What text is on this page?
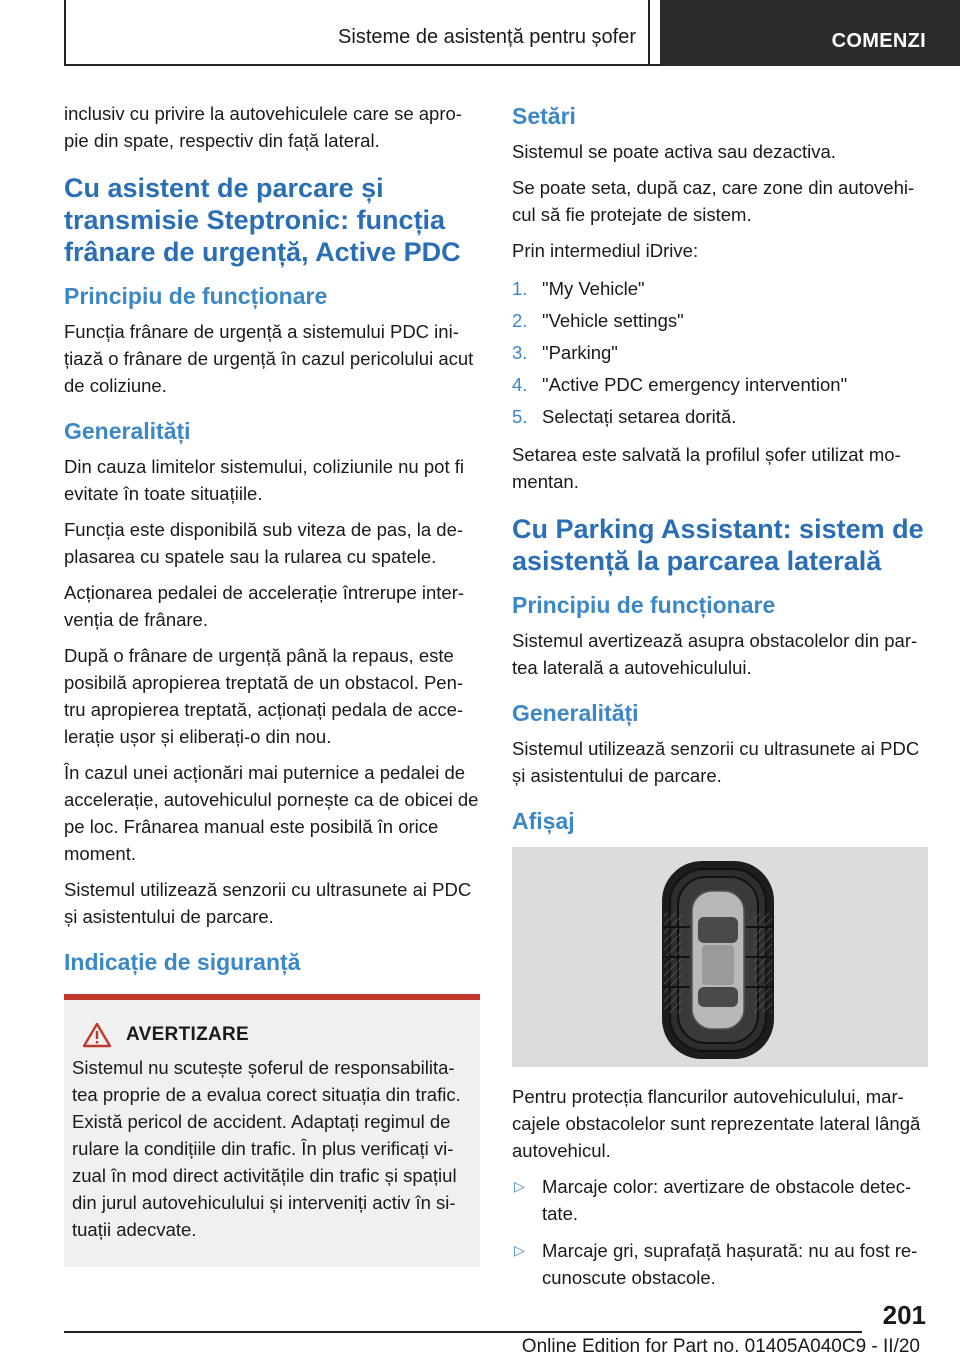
Sisteme de asistență pentru șofer	COMENZI

inclusiv cu privire la autovehiculele care se apro-pie din spate, respectiv din față lateral.

Cu asistent de parcare și transmisie Steptronic: funcția frânare de urgență, Active PDC
Principiu de funcționare

Funcția frânare de urgență a sistemului PDC ini-țiază o frânare de urgență în cazul pericolului acut de coliziune.

Generalități

Din cauza limitelor sistemului, coliziunile nu pot fi evitate în toate situațiile.

Funcția este disponibilă sub viteza de pas, la de-plasarea cu spatele sau la rularea cu spatele.

Acționarea pedalei de accelerație întrerupe inter-venția de frânare.

După o frânare de urgență până la repaus, este posibilă apropierea treptată de un obstacol. Pen-tru apropierea treptată, acționați pedala de acce-lerație ușor și eliberați-o din nou.

În cazul unei acționări mai puternice a pedalei de accelerație, autovehiculul pornește ca de obicei de pe loc. Frânarea manual este posibilă în orice moment.

Sistemul utilizează senzorii cu ultrasunete ai PDC și asistentului de parcare.

Indicație de siguranță
AVERTIZARE

Sistemul nu scutește șoferul de responsabilita-tea proprie de a evalua corect situația din trafic. Există pericol de accident. Adaptați regimul de rulare la condițiile din trafic. În plus verificați vi-zual în mod direct activitățile din trafic și spațiul din jurul autovehiculului și interveniți activ în si-tuații adecvate.

Setări

Sistemul se poate activa sau dezactiva.

Se poate seta, după caz, care zone din autovehi-cul să fie protejate de sistem.

Prin intermediul iDrive:

1. "My Vehicle"
2. "Vehicle settings"
3. "Parking"
4. "Active PDC emergency intervention"
5. Selectați setarea dorită.

Setarea este salvată la profilul șofer utilizat mo-mentan.

Cu Parking Assistant: sistem de asistență la parcarea laterală
Principiu de funcționare

Sistemul avertizează asupra obstacolelor din par-tea laterală a autovehiculului.

Generalități

Sistemul utilizează senzorii cu ultrasunete ai PDC și asistentului de parcare.

Afișaj

Pentru protecția flancurilor autovehiculului, mar-cajele obstacolelor sunt reprezentate lateral lângă autovehicul.

▷ Marcaje color: avertizare de obstacole detec-tate.
▷ Marcaje gri, suprafață hașurată: nu au fost re-cunoscute obstacole.
201
Online Edition for Part no. 01405A040C9 - II/20
